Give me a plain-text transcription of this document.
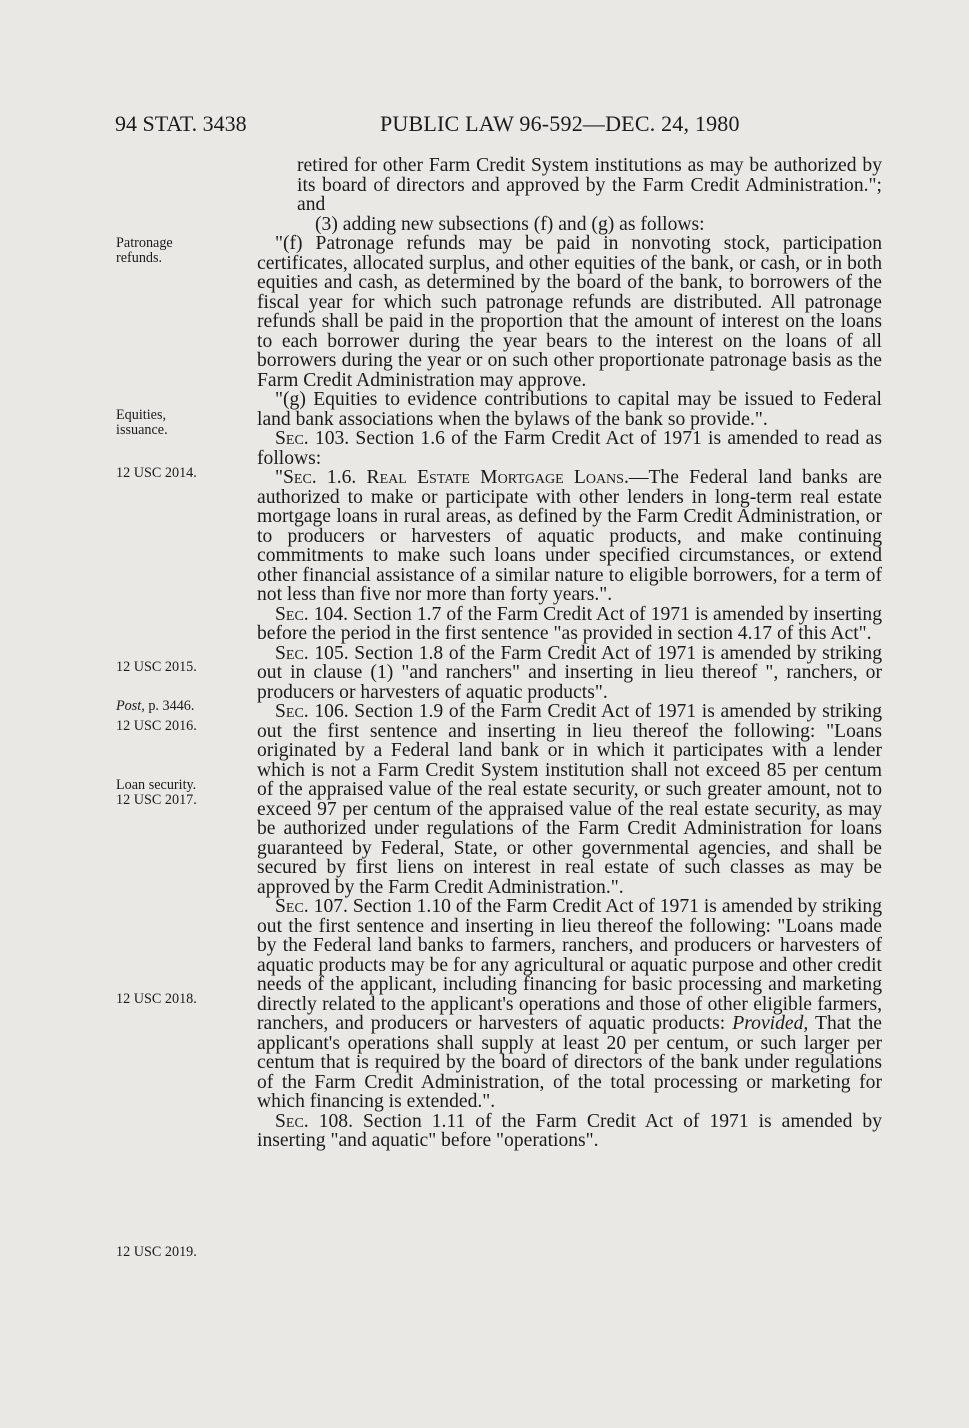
94 STAT. 3438	PUBLIC LAW 96-592—DEC. 24, 1980
Patronage
refunds.
Equities,
issuance.
12 USC 2014.
12 USC 2015.
Post, p. 3446.
12 USC 2016.
Loan security.
12 USC 2017.
12 USC 2018.
12 USC 2019.

retired for other Farm Credit System institutions as may be authorized by its board of directors and approved by the Farm Credit Administration."; and

(3) adding new subsections (f) and (g) as follows:

"(f) Patronage refunds may be paid in nonvoting stock, participation certificates, allocated surplus, and other equities of the bank, or cash, or in both equities and cash, as determined by the board of the bank, to borrowers of the fiscal year for which such patronage refunds are distributed. All patronage refunds shall be paid in the proportion that the amount of interest on the loans to each borrower during the year bears to the interest on the loans of all borrowers during the year or on such other proportionate patronage basis as the Farm Credit Administration may approve.

"(g) Equities to evidence contributions to capital may be issued to Federal land bank associations when the bylaws of the bank so provide.".

Sec. 103. Section 1.6 of the Farm Credit Act of 1971 is amended to read as follows:

"Sec. 1.6. Real Estate Mortgage Loans.—The Federal land banks are authorized to make or participate with other lenders in long-term real estate mortgage loans in rural areas, as defined by the Farm Credit Administration, or to producers or harvesters of aquatic products, and make continuing commitments to make such loans under specified circumstances, or extend other financial assistance of a similar nature to eligible borrowers, for a term of not less than five nor more than forty years.".

Sec. 104. Section 1.7 of the Farm Credit Act of 1971 is amended by inserting before the period in the first sentence "as provided in section 4.17 of this Act".

Sec. 105. Section 1.8 of the Farm Credit Act of 1971 is amended by striking out in clause (1) "and ranchers" and inserting in lieu thereof ", ranchers, or producers or harvesters of aquatic products".

Sec. 106. Section 1.9 of the Farm Credit Act of 1971 is amended by striking out the first sentence and inserting in lieu thereof the following: "Loans originated by a Federal land bank or in which it participates with a lender which is not a Farm Credit System institution shall not exceed 85 per centum of the appraised value of the real estate security, or such greater amount, not to exceed 97 per centum of the appraised value of the real estate security, as may be authorized under regulations of the Farm Credit Administration for loans guaranteed by Federal, State, or other governmental agencies, and shall be secured by first liens on interest in real estate of such classes as may be approved by the Farm Credit Administration.".

Sec. 107. Section 1.10 of the Farm Credit Act of 1971 is amended by striking out the first sentence and inserting in lieu thereof the following: "Loans made by the Federal land banks to farmers, ranchers, and producers or harvesters of aquatic products may be for any agricultural or aquatic purpose and other credit needs of the applicant, including financing for basic processing and marketing directly related to the applicant's operations and those of other eligible farmers, ranchers, and producers or harvesters of aquatic products: Provided, That the applicant's operations shall supply at least 20 per centum, or such larger per centum that is required by the board of directors of the bank under regulations of the Farm Credit Administration, of the total processing or marketing for which financing is extended.".

Sec. 108. Section 1.11 of the Farm Credit Act of 1971 is amended by inserting "and aquatic" before "operations".
